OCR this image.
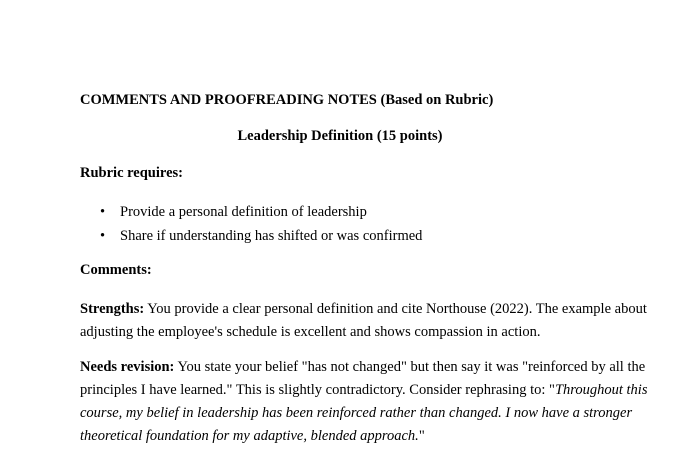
COMMENTS AND PROOFREADING NOTES (Based on Rubric)

Leadership Definition (15 points)

Rubric requires:

• Provide a personal definition of leadership
• Share if understanding has shifted or was confirmed

Comments:

Strengths: You provide a clear personal definition and cite Northouse (2022). The example about
adjusting the employee's schedule is excellent and shows compassion in action.

Needs revision: You state your belief "has not changed" but then say it was "reinforced by all the
principles I have learned." This is slightly contradictory. Consider rephrasing to: "Throughout this
course, my belief in leadership has been reinforced rather than changed. I now have a stronger
theoretical foundation for my adaptive, blended approach."
